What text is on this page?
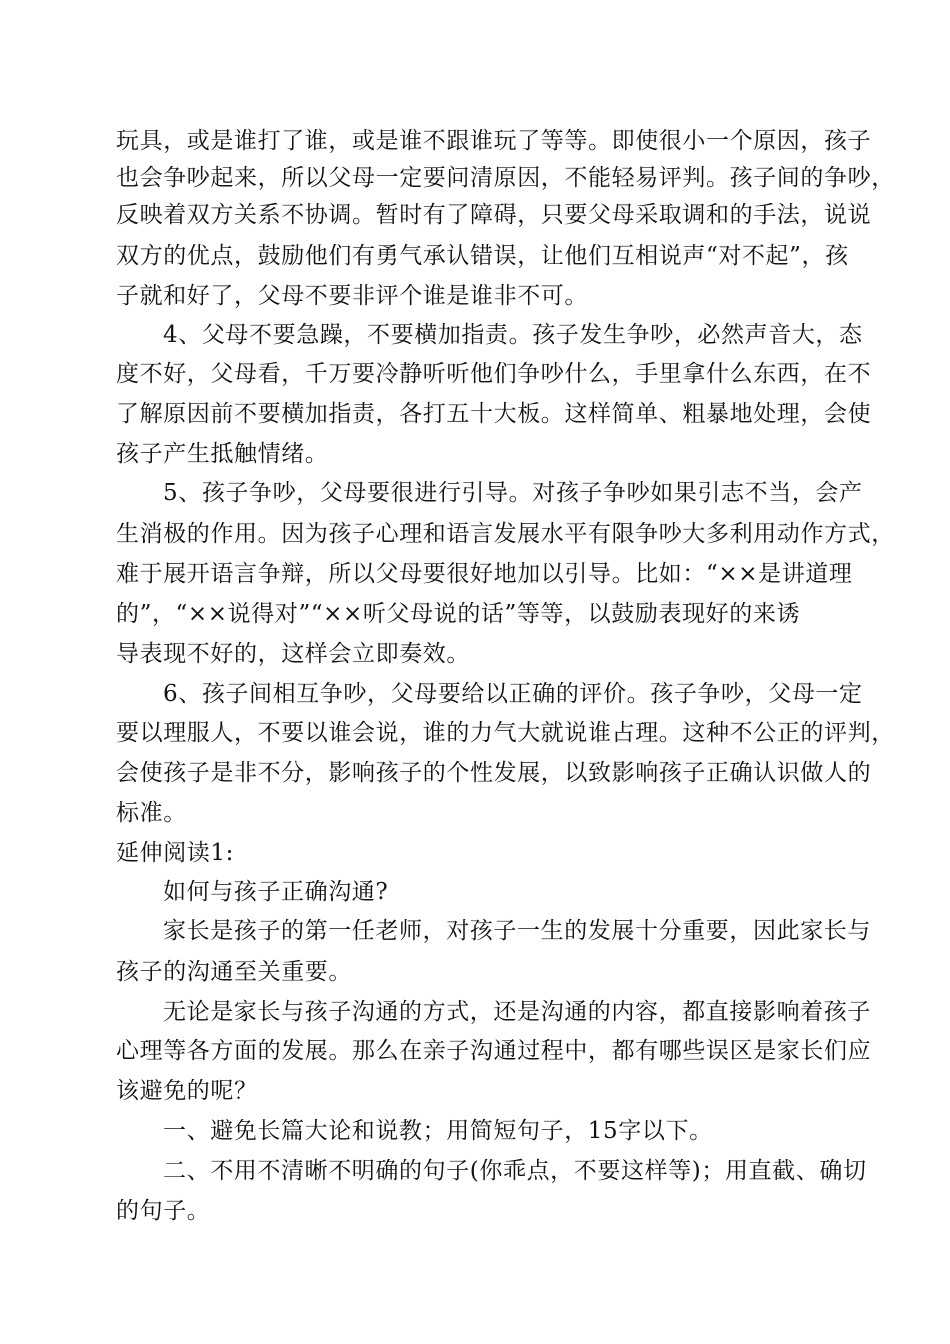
玩具，或是谁打了谁，或是谁不跟谁玩了等等。即使很小一个原因，孩子
也会争吵起来，所以父母一定要问清原因，不能轻易评判。孩子间的争吵，
反映着双方关系不协调。暂时有了障碍，只要父母采取调和的手法，说说
双方的优点，鼓励他们有勇气承认错误，让他们互相说声“对不起”，孩
子就和好了，父母不要非评个谁是谁非不可。
4、父母不要急躁，不要横加指责。孩子发生争吵，必然声音大，态
度不好，父母看，千万要冷静听听他们争吵什么，手里拿什么东西，在不
了解原因前不要横加指责，各打五十大板。这样简单、粗暴地处理，会使
孩子产生抵触情绪。
5、孩子争吵，父母要很进行引导。对孩子争吵如果引志不当，会产
生消极的作用。因为孩子心理和语言发展水平有限争吵大多利用动作方式，
难于展开语言争辩，所以父母要很好地加以引导。比如：“××是讲道理
的”，“××说得对”“××听父母说的话”等等，以鼓励表现好的来诱
导表现不好的，这样会立即奏效。
6、孩子间相互争吵，父母要给以正确的评价。孩子争吵，父母一定
要以理服人，不要以谁会说，谁的力气大就说谁占理。这种不公正的评判，
会使孩子是非不分，影响孩子的个性发展，以致影响孩子正确认识做人的
标准。
延伸阅读1:
如何与孩子正确沟通?
家长是孩子的第一任老师，对孩子一生的发展十分重要，因此家长与
孩子的沟通至关重要。
无论是家长与孩子沟通的方式，还是沟通的内容，都直接影响着孩子
心理等各方面的发展。那么在亲子沟通过程中，都有哪些误区是家长们应
该避免的呢？
一、避免长篇大论和说教；用简短句子，15字以下。
二、不用不清晰不明确的句子(你乖点，不要这样等)；用直截、确切
的句子。
